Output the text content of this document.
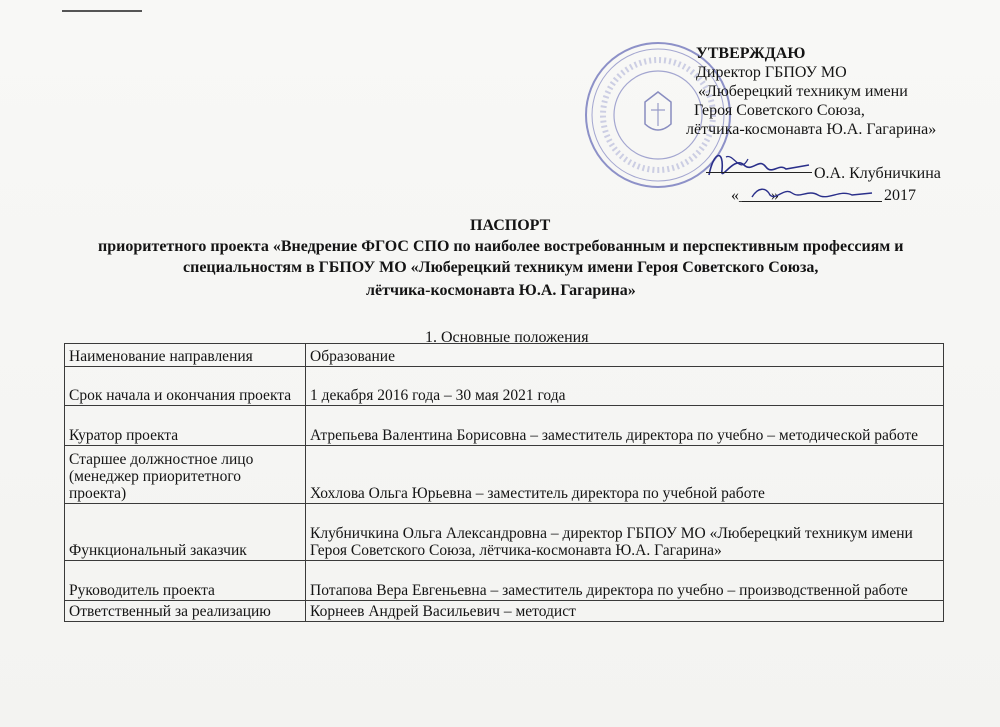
УТВЕРЖДАЮ
Директор ГБПОУ МО
«Люберецкий техникум имени
Героя Советского Союза,
лётчика-космонавта Ю.А. Гагарина»
О.А. Клубничкина
«____»	2017
ПАСПОРТ
приоритетного проекта «Внедрение ФГОС СПО по наиболее востребованным и перспективным профессиям и
специальностям в ГБПОУ МО «Люберецкий техникум имени Героя Советского Союза,
лётчика-космонавта Ю.А. Гагарина»
1. Основные положения
Наименование направления	Образование
Срок начала и окончания проекта	1 декабря 2016 года – 30 мая 2021 года
Куратор проекта	Атрепьева Валентина Борисовна – заместитель директора по учебно – методической работе
Старшее должностное лицо (менеджер приоритетного проекта)	Хохлова Ольга Юрьевна – заместитель директора по учебной работе
Функциональный заказчик	Клубничкина Ольга Александровна – директор ГБПОУ МО «Люберецкий техникум имени Героя Советского Союза, лётчика-космонавта Ю.А. Гагарина»
Руководитель проекта	Потапова Вера Евгеньевна – заместитель директора по учебно – производственной работе
Ответственный за реализацию	Корнеев Андрей Васильевич – методист
